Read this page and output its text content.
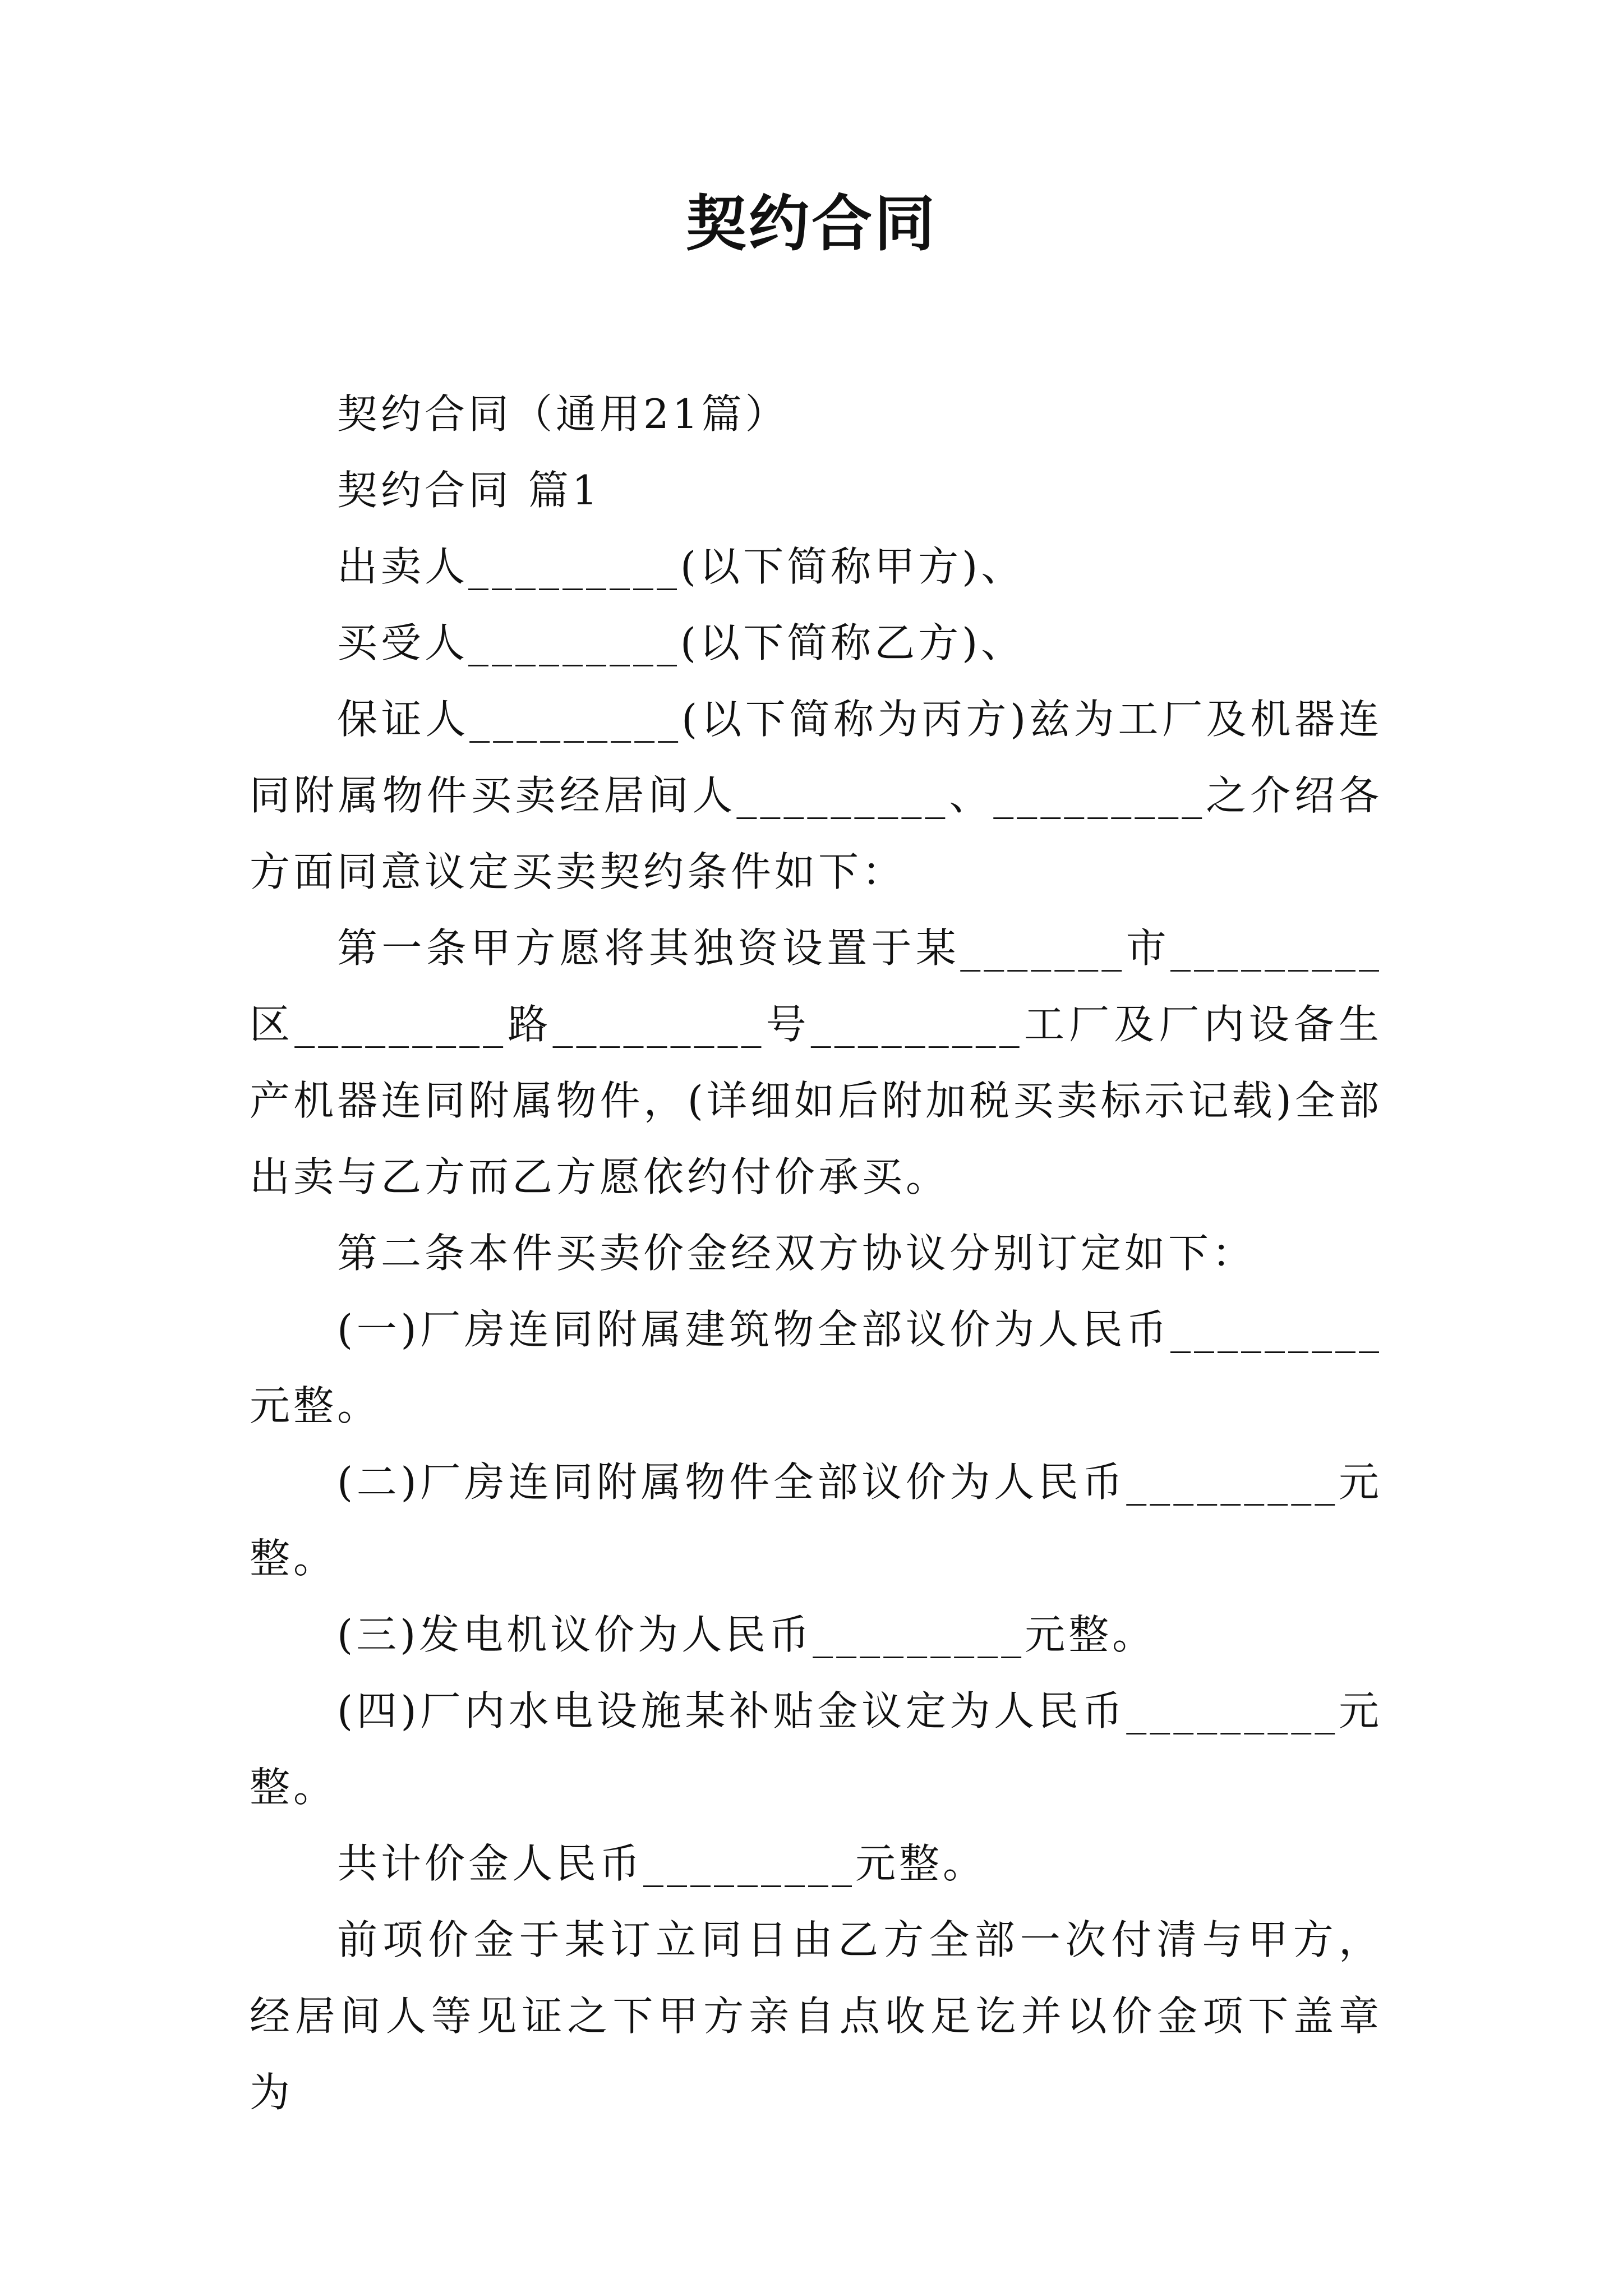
契约合同

契约合同（通用21篇）

契约合同 篇1

出卖人_________(以下简称甲方)、

买受人_________(以下简称乙方)、

保证人_________(以下简称为丙方)兹为工厂及机器连同附属物件买卖经居间人_________、_________之介绍各方面同意议定买卖契约条件如下：

第一条甲方愿将其独资设置于某_______市_________区_________路_________号_________工厂及厂内设备生产机器连同附属物件，(详细如后附加税买卖标示记载)全部出卖与乙方而乙方愿依约付价承买。

第二条本件买卖价金经双方协议分别订定如下：

(一)厂房连同附属建筑物全部议价为人民币_________元整。

(二)厂房连同附属物件全部议价为人民币_________元整。

(三)发电机议价为人民币_________元整。

(四)厂内水电设施某补贴金议定为人民币_________元整。

共计价金人民币_________元整。

前项价金于某订立同日由乙方全部一次付清与甲方，经居间人等见证之下甲方亲自点收足讫并以价金项下盖章为
